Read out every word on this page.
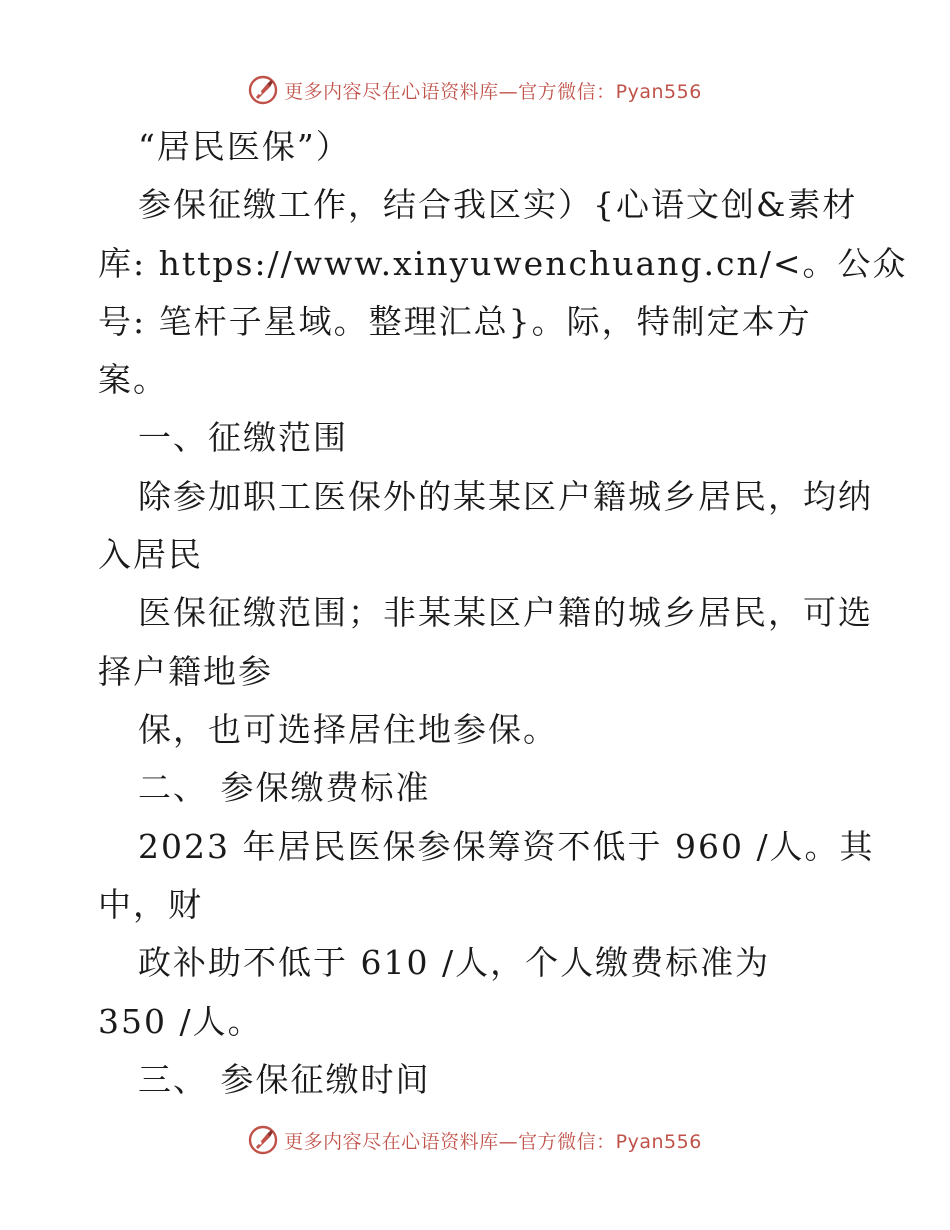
更多内容尽在心语资料库—官方微信：Pyan556
“居民医保”）
参保征缴工作，结合我区实）{心语文创&素材
库: https://www.xinyuwenchuang.cn/<。公众
号: 笔杆子星域。整理汇总}。际，特制定本方
案。
一、征缴范围
除参加职工医保外的某某区户籍城乡居民，均纳
入居民
医保征缴范围；非某某区户籍的城乡居民，可选
择户籍地参
保，也可选择居住地参保。
二、 参保缴费标准
2023 年居民医保参保筹资不低于 960 /人。其
中，财
政补助不低于 610 /人，个人缴费标准为
350 /人。
三、 参保征缴时间
更多内容尽在心语资料库—官方微信：Pyan556
